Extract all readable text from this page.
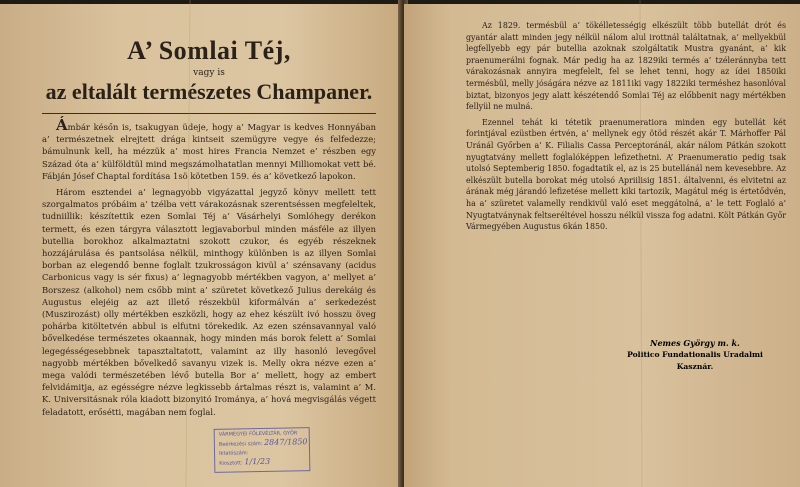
A’ Somlai Téj,
vagy is
az eltalált természetes Champaner.

Ámbár későn is, tsakugyan üdeje, hogy a’ Magyar is kedves Honnyában a’ természetnek elrejtett drága kintseit szemügyre vegye és felfedezze; bámulnunk kell, ha mézzük a’ most hires Francia Nemzet e’ részben egy Század óta a’ külföldtül mind megszámolhatatlan mennyi Milliomokat vett bé. Fábján Jósef Chaptal fordítása 1sö kötetben 159. és a’ következő lapokon.

Három esztendei a’ legnagyobb vigyázattal jegyző könyv mellett tett szorgalmatos próbáim a’ tzélba vett várakozásnak szerentséssen megfeleltek, tudniillik: készítettik ezen Somlai Téj a’ Vásárhelyi Somlóhegy derékon termett, és ezen tárgyra választott legjavaborbul minden másféle az illyen butellia borokhoz alkalmaztatni szokott czukor, és egyéb részeknek hozzájárulása és pantsolása nélkül, minthogy különben is az illyen Somlai borban az elegendő benne foglalt tzukrosságon kivül a’ szénsavany (acidus Carbonicus vagy is sér fixus) a’ legnagyobb mértékben vagyon, a’ mellyet a’ Borszesz (alkohol) nem csőbb mint a’ szüretet következő Julius derekáig és Augustus elejéig az azt illető részekbül kiformálván a’ serkedezést (Muszirozást) olly mértékben eszközli, hogy az ehez készült ivó hosszu öveg pohárba kitöltetvén abbul is elfutni törekedik. Az ezen szénsavannyal való bővelkedése természetes okaannak, hogy minden más borok felett a’ Somlai legegésségesebbnek tapasztaltatott, valamint az illy hasonló levegővel nagyobb mértékben bővelkedő savanyu vizek is. Melly okra nézve ezen a’ mega valódi természetében lévő butella Bor a’ mellett, hogy az embert felvidámitja, az egésségre nézve legkissebb ártalmas részt is, valamint a’ M. K. Universitásnak róla kiadott bizonyitó Irománya, a’ hová megvisgálás végett feladatott, erősétti, magában nem foglal.

Az 1829. termésbül a’ tökélletességig elkészült több butellát drót és gyantár alatt minden jegy nélkül nálom alul irottnál találtatnak, a’ mellyekbül legfellyebb egy pár butellia azoknak szolgáltatik Mustra gyanánt, a’ kik praenumerálni fognak. Már pedig ha az 1829iki termés a’ tzéleránnyba tett várakozásnak annyira megfelelt, fel se lehet tenni, hogy az ídei 1850iki termésbül, melly jóságára nézve az 1811iki vagy 1822iki terméshez hasonlóval biztat, bizonyos jegy alatt készétendő Somlai Téj az előbbenit nagy mértékben fellyül ne mulná.

Ezennel tehát ki tétetik praenumeratiora minden egy butellát két forintjával ezüstben értvén, a’ mellynek egy ötöd részét akár T. Márhoffer Pál Uránál Győrben a’ K. Filialis Cassa Perceptoránál, akár nálom Pátkán szokott nyugtatvány mellett foglalóképpen lefizethetni. A’ Praenumeratio pedig tsak utolsó Septemberig 1850. fogadtatik el, az is 25 butellánál nem kevesebbre. Az elkészült butella borokat még utolsó Apriilisig 1851. általvenni, és elvitetni az árának még járandó lefizetése mellett kiki tartozik, Magátul még is értetődvén, ha a’ szüretet valamelly rendkivül való eset meggátolná, a’ le tett Foglaló a’ Nyugtatványnak feltseréltével hosszu nélkül vissza fog adatni. Költ Pátkán Győr Vármegyében Augustus 6kán 1850.

Nemes György m. k.
Politico Fundationalis Uradalmi Kasznár.
VÁRMEGYEI FŐLEVÉLTÁR, GYŐR
Beérkezési szám: 2847/1850
Iktatószám:
Kiosztott: 1/1/23
